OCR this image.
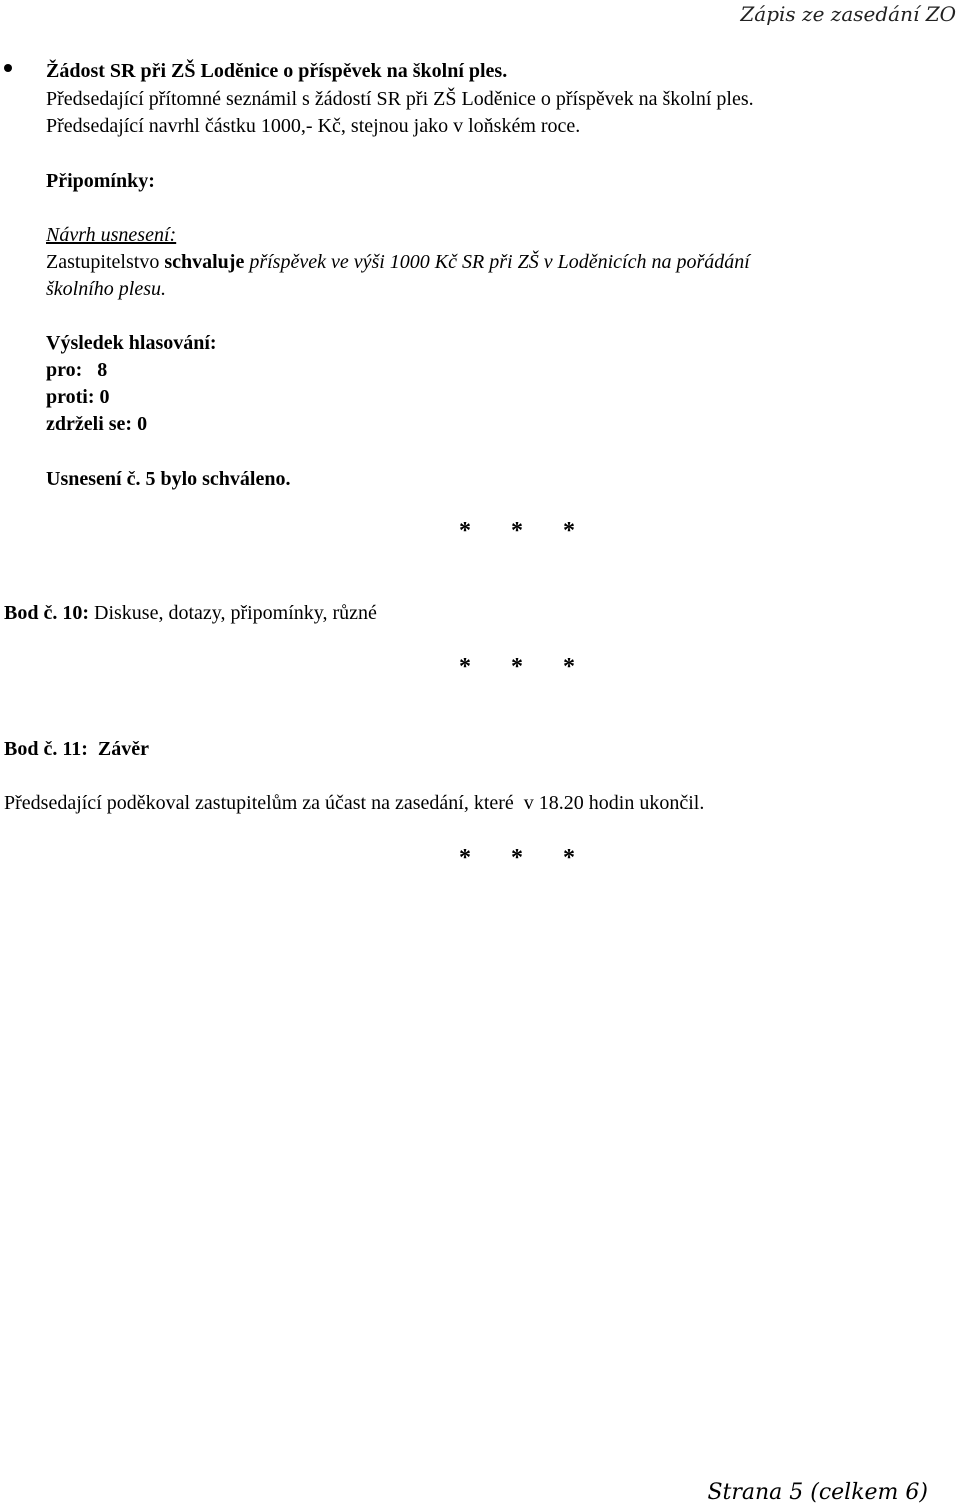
Zápis ze zasedání ZO
Žádost SR při ZŠ Loděnice o příspěvek na školní ples.
Předsedající přítomné seznámil s žádostí SR při ZŠ Loděnice o příspěvek na školní ples.
Předsedající navrhl částku 1000,- Kč, stejnou jako v loňském roce.
Připomínky:
Návrh usnesení:
Zastupitelstvo schvaluje příspěvek ve výši 1000 Kč SR při ZŠ v Loděnicích na pořádání
školního plesu.
Výsledek hlasování:
pro:   8
proti: 0
zdrželi se: 0
Usnesení č. 5 bylo schváleno.
* * *
Bod č. 10: Diskuse, dotazy, připomínky, různé
* * *
Bod č. 11: Závěr
Předsedající poděkoval zastupitelům za účast na zasedání, které  v 18.20 hodin ukončil.
* * *
Strana 5 (celkem 6)
